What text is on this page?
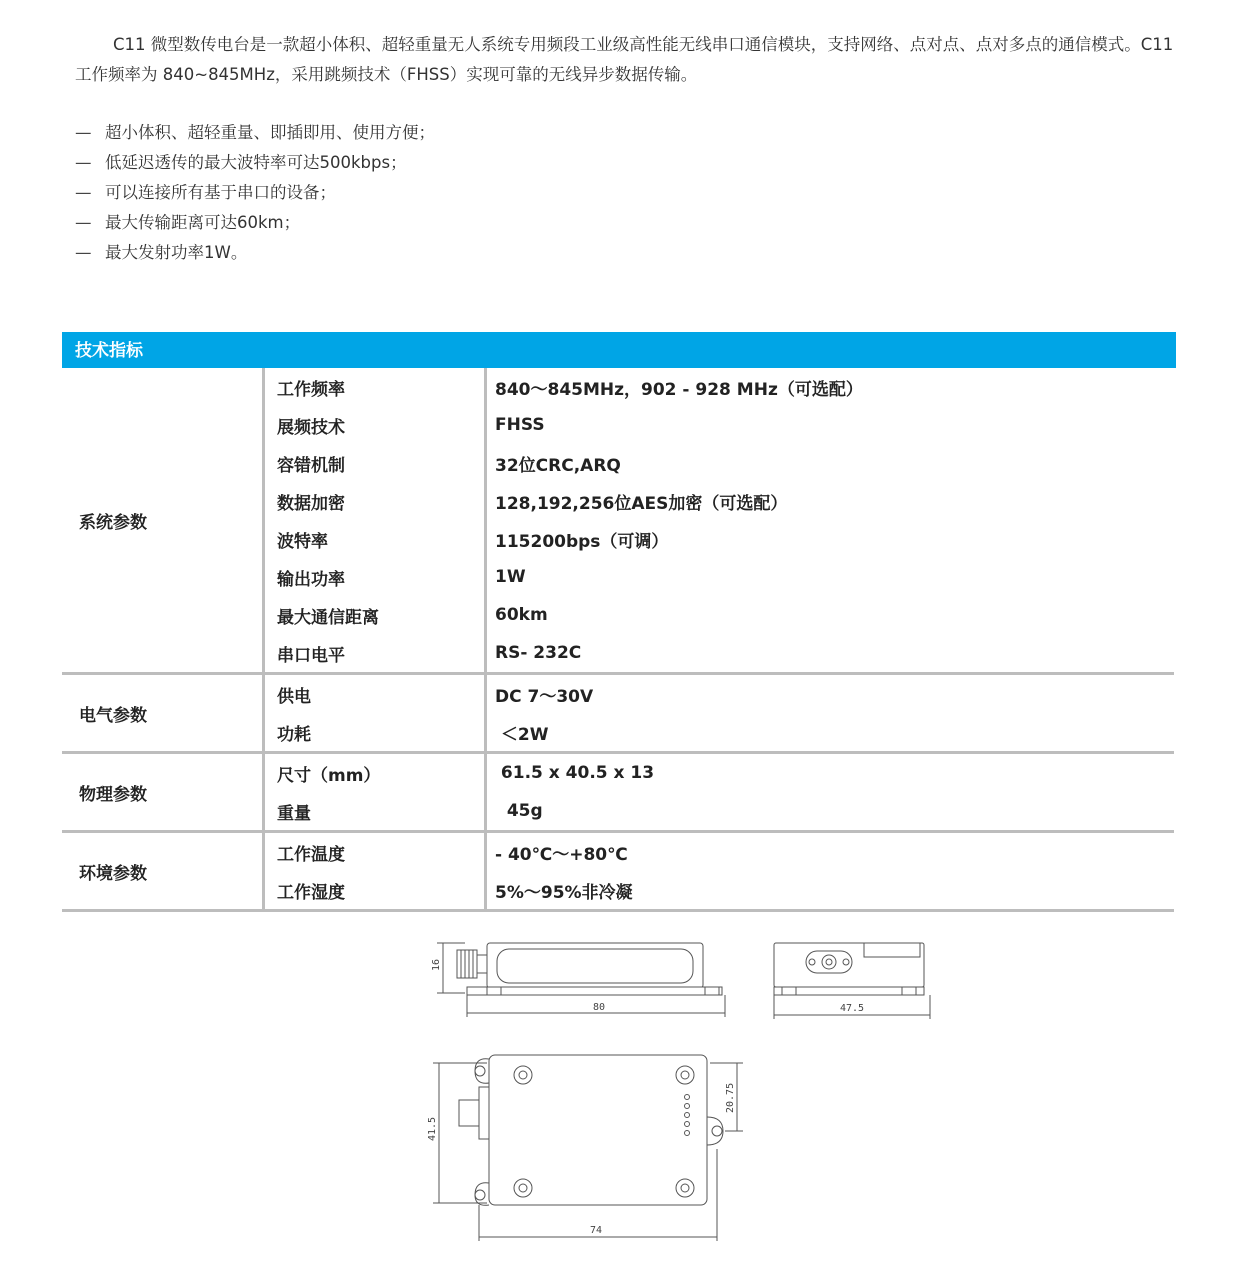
C11 微型数传电台是一款超小体积、超轻重量无人系统专用频段工业级高性能无线串口通信模块，支持网络、点对点、点对多点的通信模式。C11 工作频率为 840~845MHz，采用跳频技术（FHSS）实现可靠的无线异步数据传输。

— 超小体积、超轻重量、即插即用、使用方便；
— 低延迟透传的最大波特率可达500kbps；
— 可以连接所有基于串口的设备；
— 最大传输距离可达60km；
— 最大发射功率1W。
技术指标
系统参数
工作频率	840～845MHz，902 - 928 MHz（可选配）
展频技术	FHSS
容错机制	32位CRC,ARQ
数据加密	128,192,256位AES加密（可选配）
波特率	115200bps（可调）
输出功率	1W
最大通信距离	60km
串口电平	RS- 232C
电气参数
供电	DC 7～30V
功耗	＜2W
物理参数
尺寸（mm）	61.5 x 40.5 x 13
重量	45g
环境参数
工作温度	- 40℃～+80℃
工作湿度	5%～95%非冷凝
16
80	47.5
41.5
20.75
74
